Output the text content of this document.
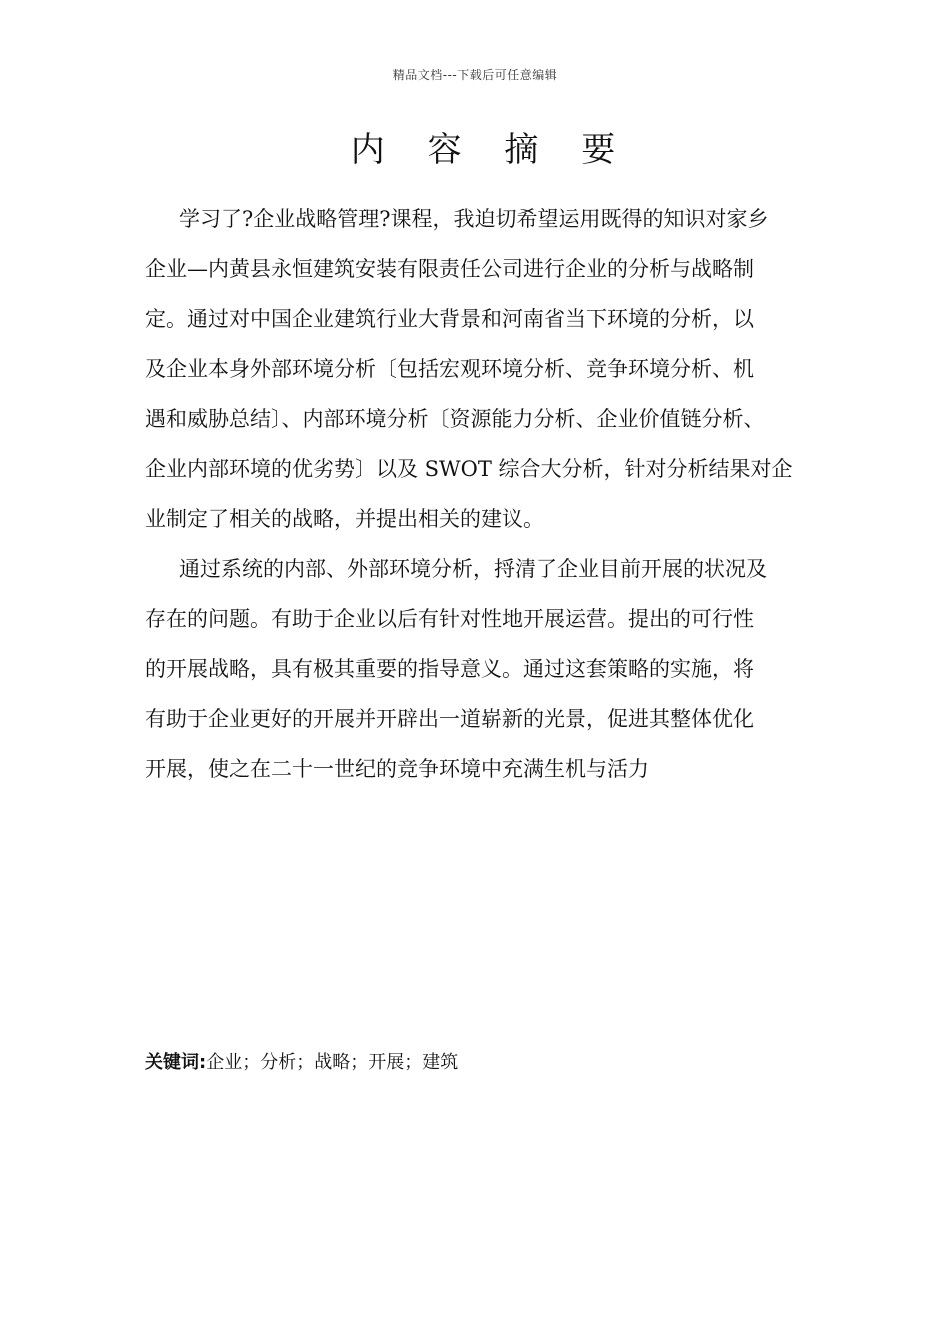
精品文档---下载后可任意编辑
内 容 摘 要
学习了?企业战略管理?课程，我迫切希望运用既得的知识对家乡
企业—内黄县永恒建筑安装有限责任公司进行企业的分析与战略制
定。通过对中国企业建筑行业大背景和河南省当下环境的分析，以
及企业本身外部环境分析〔包括宏观环境分析、竞争环境分析、机
遇和威胁总结〕、内部环境分析〔资源能力分析、企业价值链分析、
企业内部环境的优劣势〕以及 SWOT 综合大分析，针对分析结果对企
业制定了相关的战略，并提出相关的建议。
通过系统的内部、外部环境分析，捋清了企业目前开展的状况及
存在的问题。有助于企业以后有针对性地开展运营。提出的可行性
的开展战略，具有极其重要的指导意义。通过这套策略的实施，将
有助于企业更好的开展并开辟出一道崭新的光景，促进其整体优化
开展，使之在二十一世纪的竞争环境中充满生机与活力
关键词:企业；分析；战略；开展；建筑
